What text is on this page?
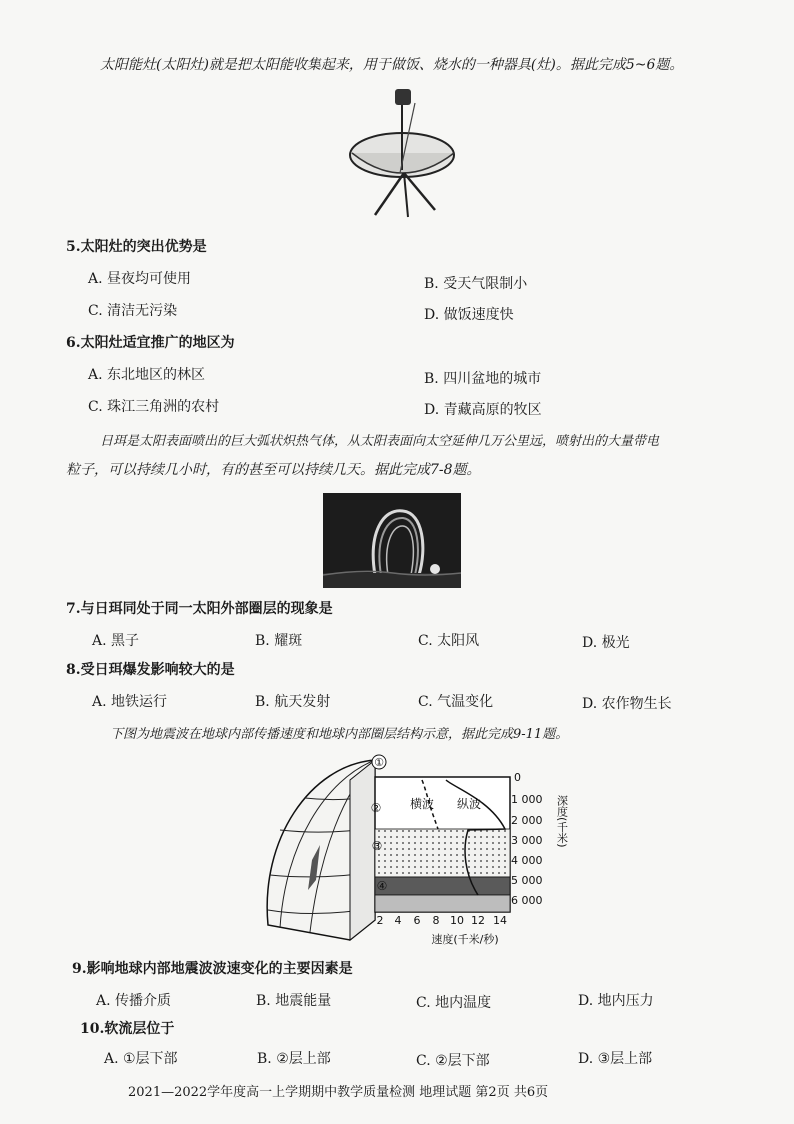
太阳能灶(太阳灶)就是把太阳能收集起来，用于做饭、烧水的一种器具(灶)。据此完成5~6题。
5.太阳灶的突出优势是
A. 昼夜均可使用	B. 受天气限制小
C. 清洁无污染	D. 做饭速度快
6.太阳灶适宜推广的地区为
A. 东北地区的林区	B. 四川盆地的城市
C. 珠江三角洲的农村	D. 青藏高原的牧区
日珥是太阳表面喷出的巨大弧状炽热气体，从太阳表面向太空延伸几万公里远，喷射出的大量带电
粒子，可以持续几小时，有的甚至可以持续几天。据此完成7-8题。
7.与日珥同处于同一太阳外部圈层的现象是
A. 黑子	B. 耀斑	C. 太阳风	D. 极光
8.受日珥爆发影响较大的是
A. 地铁运行	B. 航天发射	C. 气温变化	D. 农作物生长
下图为地震波在地球内部传播速度和地球内部圈层结构示意，据此完成9-11题。
①
②
③
④
横波 纵波
0
1 000
2 000
3 000
4 000
5 000
6 000
深度(千米)
2 4 6 8 10 12 14
速度(千米/秒)
9.影响地球内部地震波波速变化的主要因素是
A. 传播介质	B. 地震能量	C. 地内温度	D. 地内压力
10.软流层位于
A. ①层下部	B. ②层上部	C. ②层下部	D. ③层上部
2021—2022学年度高一上学期期中教学质量检测 地理试题 第2页 共6页
